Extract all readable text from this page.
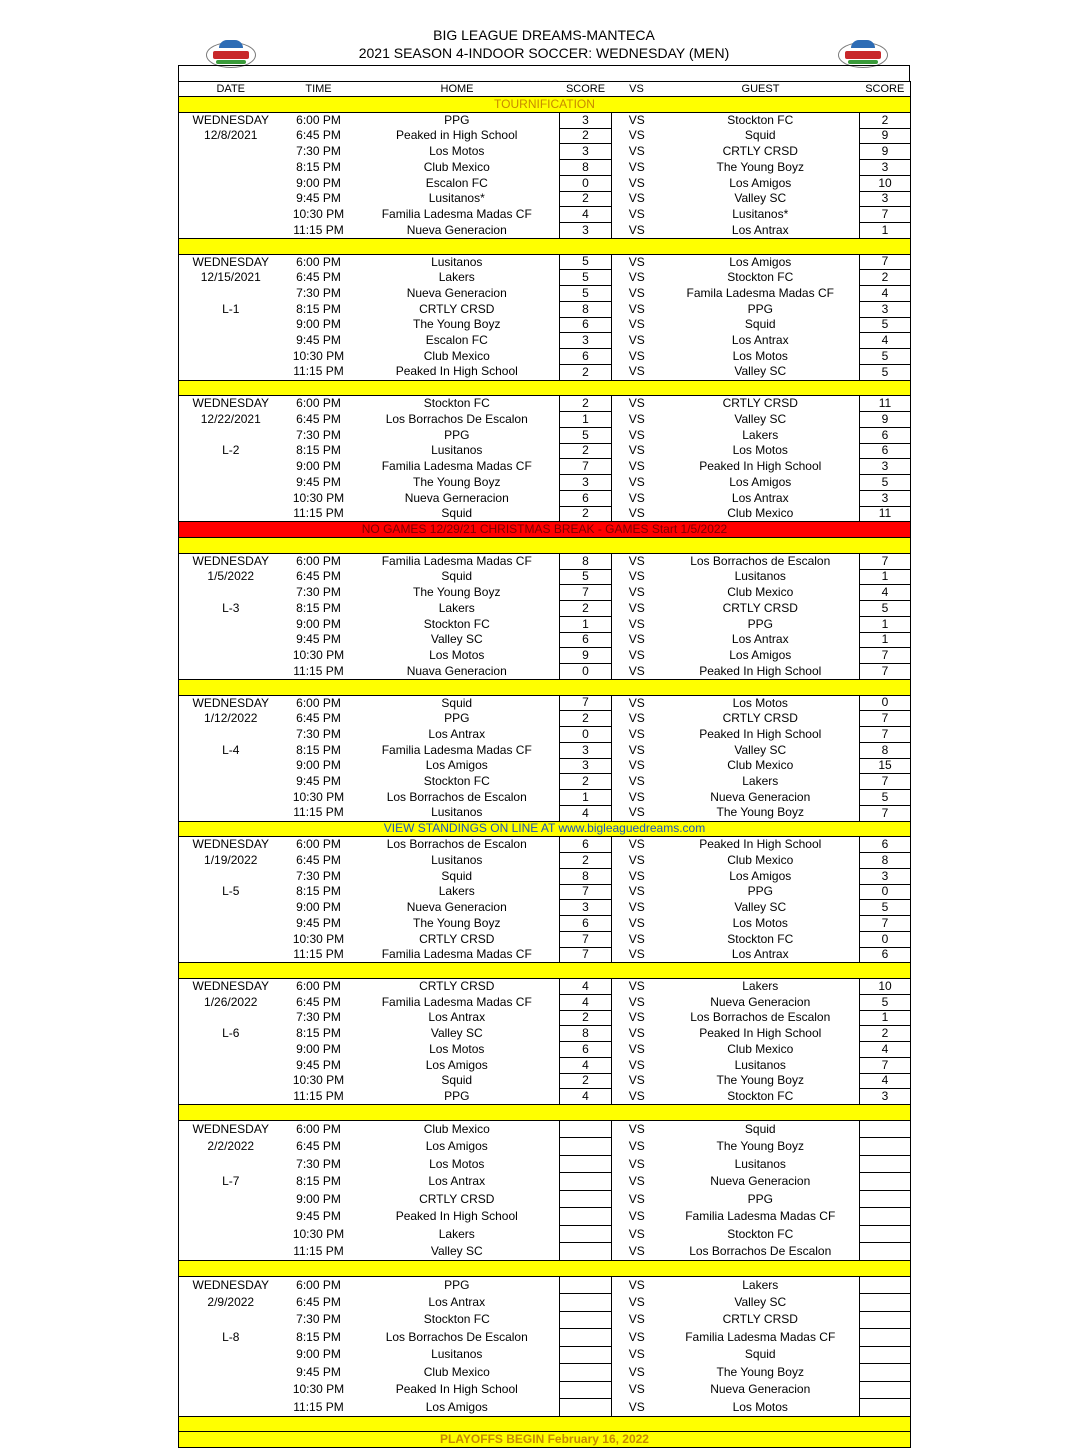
BIG LEAGUE DREAMS-MANTECA
2021 SEASON 4-INDOOR SOCCER: WEDNESDAY (MEN)
DATE	TIME	HOME	SCORE	VS	GUEST	SCORE
TOURNIFICATION						
WEDNESDAY	6:00 PM	PPG	3	VS	Stockton FC	2
12/8/2021	6:45 PM	Peaked in High School	2	VS	Squid	9
	7:30 PM	Los Motos	3	VS	CRTLY CRSD	9
	8:15 PM	Club Mexico	8	VS	The Young Boyz	3
	9:00 PM	Escalon FC	0	VS	Los Amigos	10
	9:45 PM	Lusitanos*	2	VS	Valley SC	3
	10:30 PM	Familia Ladesma Madas CF	4	VS	Lusitanos*	7
	11:15 PM	Nueva Generacion	3	VS	Los Antrax	1

WEDNESDAY	6:00 PM	Lusitanos	5	VS	Los Amigos	7
12/15/2021	6:45 PM	Lakers	5	VS	Stockton FC	2
	7:30 PM	Nueva Generacion	5	VS	Famila Ladesma Madas CF	4
L-1	8:15 PM	CRTLY CRSD	8	VS	PPG	3
	9:00 PM	The Young Boyz	6	VS	Squid	5
	9:45 PM	Escalon FC	3	VS	Los Antrax	4
	10:30 PM	Club Mexico	6	VS	Los Motos	5
	11:15 PM	Peaked In High School	2	VS	Valley SC	5

WEDNESDAY	6:00 PM	Stockton FC	2	VS	CRTLY CRSD	11
12/22/2021	6:45 PM	Los Borrachos De Escalon	1	VS	Valley SC	9
	7:30 PM	PPG	5	VS	Lakers	6
L-2	8:15 PM	Lusitanos	2	VS	Los Motos	6
	9:00 PM	Familia Ladesma Madas CF	7	VS	Peaked In High School	3
	9:45 PM	The Young Boyz	3	VS	Los Amigos	5
	10:30 PM	Nueva Gerneracion	6	VS	Los Antrax	3
	11:15 PM	Squid	2	VS	Club Mexico	11
NO GAMES 12/29/21 CHRISTMAS BREAK - GAMES Start 1/5/2022						

WEDNESDAY	6:00 PM	Familia Ladesma Madas CF	8	VS	Los Borrachos de Escalon	7
1/5/2022	6:45 PM	Squid	5	VS	Lusitanos	1
	7:30 PM	The Young Boyz	7	VS	Club Mexico	4
L-3	8:15 PM	Lakers	2	VS	CRTLY CRSD	5
	9:00 PM	Stockton FC	1	VS	PPG	1
	9:45 PM	Valley SC	6	VS	Los Antrax	1
	10:30 PM	Los Motos	9	VS	Los Amigos	7
	11:15 PM	Nuava Generacion	0	VS	Peaked In High School	7

WEDNESDAY	6:00 PM	Squid	7	VS	Los Motos	0
1/12/2022	6:45 PM	PPG	2	VS	CRTLY CRSD	7
	7:30 PM	Los Antrax	0	VS	Peaked In High School	7
L-4	8:15 PM	Familia Ladesma Madas CF	3	VS	Valley SC	8
	9:00 PM	Los Amigos	3	VS	Club Mexico	15
	9:45 PM	Stockton FC	2	VS	Lakers	7
	10:30 PM	Los Borrachos de Escalon	1	VS	Nueva Generacion	5
	11:15 PM	Lusitanos	4	VS	The Young Boyz	7
VIEW STANDINGS ON LINE AT www.bigleaguedreams.com						
WEDNESDAY	6:00 PM	Los Borrachos de Escalon	6	VS	Peaked In High School	6
1/19/2022	6:45 PM	Lusitanos	2	VS	Club Mexico	8
	7:30 PM	Squid	8	VS	Los Amigos	3
L-5	8:15 PM	Lakers	7	VS	PPG	0
	9:00 PM	Nueva Generacion	3	VS	Valley SC	5
	9:45 PM	The Young Boyz	6	VS	Los Motos	7
	10:30 PM	CRTLY CRSD	7	VS	Stockton FC	0
	11:15 PM	Familia Ladesma Madas CF	7	VS	Los Antrax	6

WEDNESDAY	6:00 PM	CRTLY CRSD	4	VS	Lakers	10
1/26/2022	6:45 PM	Familia Ladesma Madas CF	4	VS	Nueva Generacion	5
	7:30 PM	Los Antrax	2	VS	Los Borrachos de Escalon	1
L-6	8:15 PM	Valley SC	8	VS	Peaked In High School	2
	9:00 PM	Los Motos	6	VS	Club Mexico	4
	9:45 PM	Los Amigos	4	VS	Lusitanos	7
	10:30 PM	Squid	2	VS	The Young Boyz	4
	11:15 PM	PPG	4	VS	Stockton FC	3

WEDNESDAY	6:00 PM	Club Mexico		VS	Squid	
2/2/2022	6:45 PM	Los Amigos		VS	The Young Boyz	
	7:30 PM	Los Motos		VS	Lusitanos	
L-7	8:15 PM	Los Antrax		VS	Nueva Generacion	
	9:00 PM	CRTLY CRSD		VS	PPG	
	9:45 PM	Peaked In High School		VS	Familia Ladesma Madas CF	
	10:30 PM	Lakers		VS	Stockton FC	
	11:15 PM	Valley SC		VS	Los Borrachos De Escalon	

WEDNESDAY	6:00 PM	PPG		VS	Lakers	
2/9/2022	6:45 PM	Los Antrax		VS	Valley SC	
	7:30 PM	Stockton FC		VS	CRTLY CRSD	
L-8	8:15 PM	Los Borrachos De Escalon		VS	Familia Ladesma Madas CF	
	9:00 PM	Lusitanos		VS	Squid	
	9:45 PM	Club Mexico		VS	The Young Boyz	
	10:30 PM	Peaked In High School		VS	Nueva Generacion	
	11:15 PM	Los Amigos		VS	Los Motos	

PLAYOFFS BEGIN February 16, 2022						
